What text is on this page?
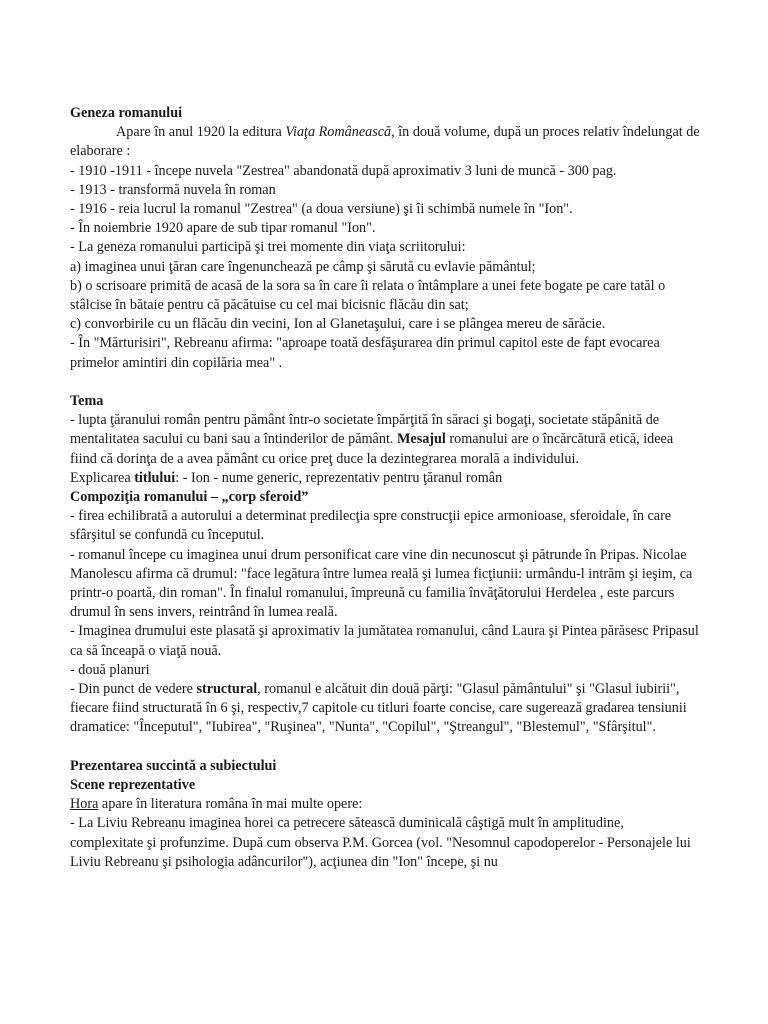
Geneza romanului

Apare în anul 1920 la editura Viaţa Românească, în două volume, după un proces relativ îndelungat de elaborare :

- 1910 -1911 - începe nuvela "Zestrea" abandonată după aproximativ 3 luni de muncă - 300 pag.

- 1913 - transformă nuvela în roman

- 1916 - reia lucrul la romanul "Zestrea" (a doua versiune) şi îi schimbă numele în "Ion".

- În noiembrie 1920 apare de sub tipar romanul "Ion".

- La geneza romanului participă şi trei momente din viaţa scriitorului:

a) imaginea unui ţăran care îngenunchează pe câmp şi sărută cu evlavie pământul;

b) o scrisoare primită de acasă de la sora sa în care îi relata o întâmplare a unei fete bogate pe care tatăl o stâlcise în bătaie pentru că păcătuise cu cel mai bicisnic flăcău din sat;

c) convorbirile cu un flăcău din vecini, Ion al Glanetaşului, care i se plângea mereu de sărăcie.

- În "Mărturisiri", Rebreanu afirma: "aproape toată desfăşurarea din primul capitol este de fapt evocarea primelor amintiri din copilăria mea" .

Tema

- lupta ţăranului român pentru pământ într-o societate împărţită în săraci şi bogaţi, societate stăpânită de mentalitatea sacului cu bani sau a întinderilor de pământ. Mesajul romanului are o încărcătură etică, ideea fiind că dorinţa de a avea pământ cu orice preţ duce la dezintegrarea morală a individului.

Explicarea titlului: - Ion - nume generic, reprezentativ pentru ţăranul român

Compoziţia romanului – „corp sferoid”

- firea echilibrată a autorului a determinat predilecţia spre construcţii epice armonioase, sferoidale, în care sfârşitul se confundă cu începutul.

- romanul începe cu imaginea unui drum personificat care vine din necunoscut şi pătrunde în Pripas. Nicolae Manolescu afirma că drumul: "face legătura între lumea reală şi lumea ficţiunii: urmându-l intrăm şi ieşim, ca printr-o poartă, din roman". În finalul romanului, împreună cu familia învăţătorului Herdelea , este parcurs drumul în sens invers, reintrând în lumea reală.

- Imaginea drumului este plasată şi aproximativ la jumătatea romanului, când Laura şi Pintea părăsesc Pripasul ca să înceapă o viaţă nouă.

- două planuri

- Din punct de vedere structural, romanul e alcătuit din două părţi: "Glasul pământului" şi "Glasul iubirii", fiecare fiind structurată în 6 şi, respectiv,7 capitole cu titluri foarte concise, care sugerează gradarea tensiunii dramatice: "Începutul", "Iubirea", "Ruşinea", "Nunta", "Copilul", "Ştreangul", "Blestemul", "Sfârşitul".

Prezentarea succintă a subiectului

Scene reprezentative

Hora apare în literatura româna în mai multe opere:

- La Liviu Rebreanu imaginea horei ca petrecere sătească duminicală câştigă mult în amplitudine, complexitate şi profunzime. După cum observa P.M. Gorcea (vol. "Nesomnul capodoperelor - Personajele lui Liviu Rebreanu şi psihologia adâncurilor"), acţiunea din "Ion" începe, şi nu
